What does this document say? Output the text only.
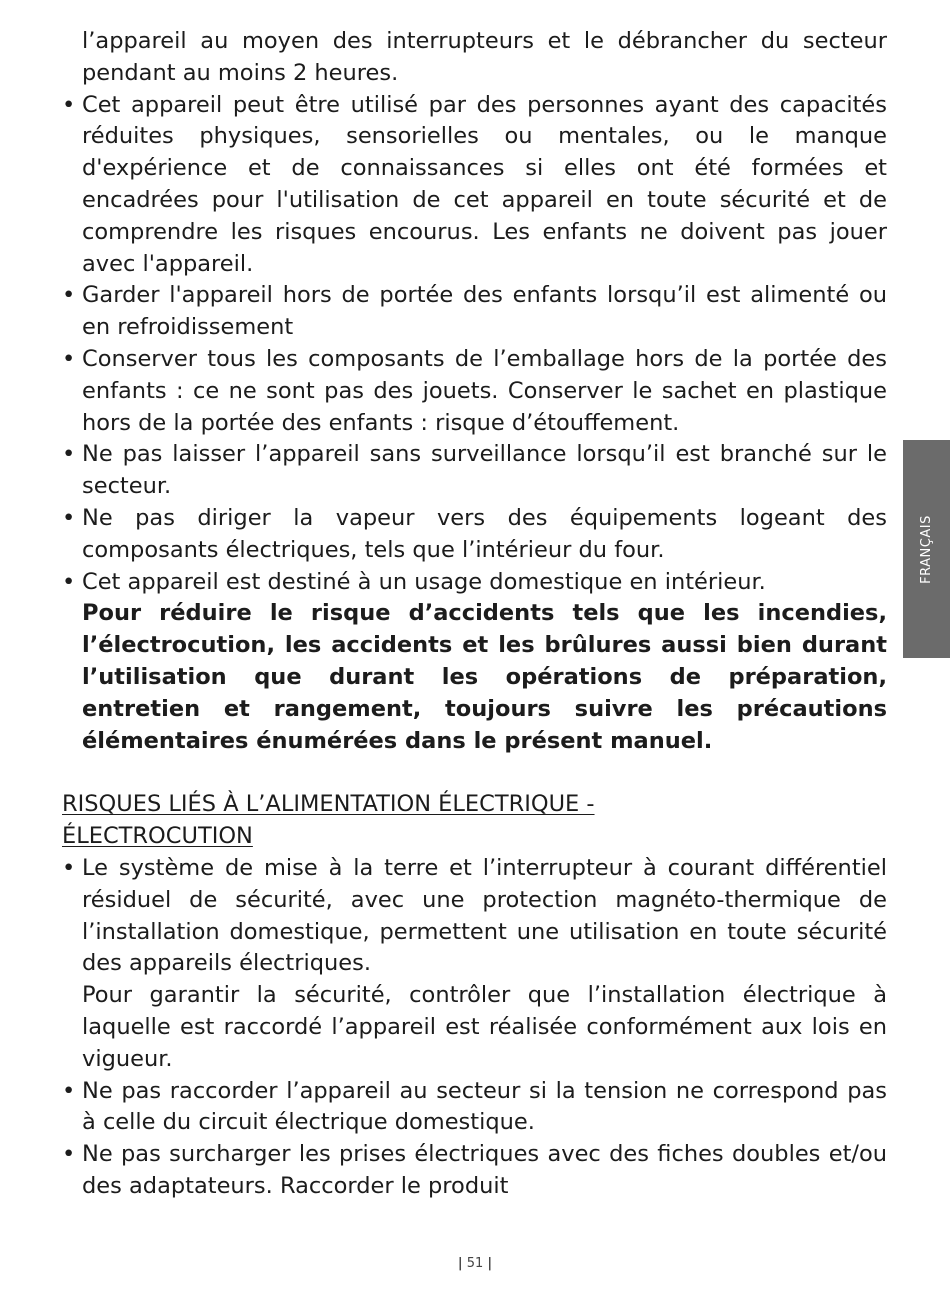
l’appareil au moyen des interrupteurs et le débrancher du secteur pendant au moins 2 heures.

• Cet appareil peut être utilisé par des personnes ayant des capacités réduites physiques, sensorielles ou mentales, ou le manque d'expérience et de connaissances si elles ont été formées et encadrées pour l'utilisation de cet appareil en toute sécurité et de comprendre les risques encourus. Les enfants ne doivent pas jouer avec l'appareil.

• Garder l'appareil hors de portée des enfants lorsqu’il est alimenté ou en refroidissement

• Conserver tous les composants de l’emballage hors de la portée des enfants : ce ne sont pas des jouets. Conserver le sachet en plastique hors de la portée des enfants : risque d’étouffement.

• Ne pas laisser l’appareil sans surveillance lorsqu’il est branché sur le secteur.

• Ne pas diriger la vapeur vers des équipements logeant des composants électriques, tels que l’intérieur du four.

• Cet appareil est destiné à un usage domestique en intérieur.

Pour réduire le risque d’accidents tels que les incendies, l’électrocution, les accidents et les brûlures aussi bien durant l’utilisation que durant les opérations de préparation, entretien et rangement, toujours suivre les précautions élémentaires énumérées dans le présent manuel.

RISQUES LIÉS À L’ALIMENTATION ÉLECTRIQUE - ÉLECTROCUTION

• Le système de mise à la terre et l’interrupteur à courant différentiel résiduel de sécurité, avec une protection magnéto-thermique de l’installation domestique, permettent une utilisation en toute sécurité des appareils électriques.

Pour garantir la sécurité, contrôler que l’installation électrique à laquelle est raccordé l’appareil est réalisée conformément aux lois en vigueur.

• Ne pas raccorder l’appareil au secteur si la tension ne correspond pas à celle du circuit électrique domestique.

• Ne pas surcharger les prises électriques avec des fiches doubles et/ou des adaptateurs. Raccorder le produit

FRANÇAIS
| 51 |
